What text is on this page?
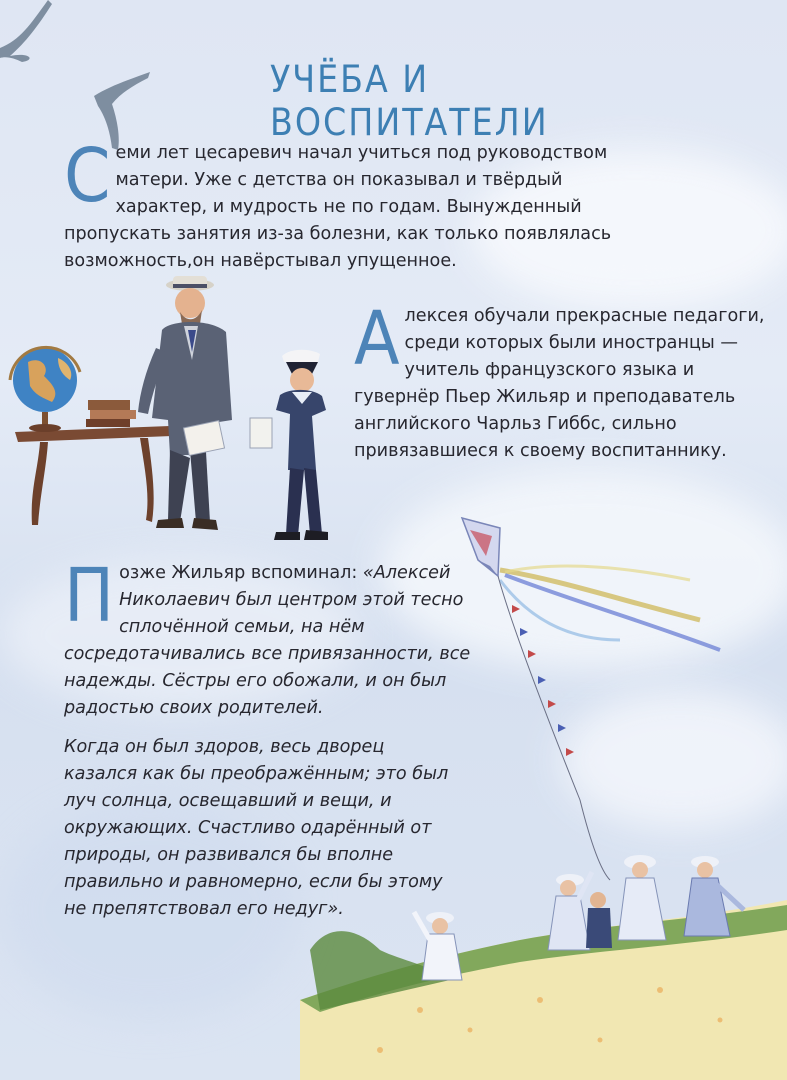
УЧЁБА И ВОСПИТАТЕЛИ

Семи лет цесаревич начал учиться под руководством матери. Уже с детства он показывал и твёрдый характер, и мудрость не по годам. Вынужденный пропускать занятия из-за болезни, как только появлялась возможность,он навёрстывал упущенное.

Алексея обучали прекрасные педагоги, среди которых были иностранцы — учитель французского языка и гувернёр Пьер Жильяр и преподаватель английского Чарльз Гиббс, сильно привязавшиеся к своему воспитаннику.

Позже Жильяр вспоминал: «Алексей Николаевич был центром этой тесно сплочённой семьи, на нём сосредотачивались все привязанности, все надежды. Сёстры его обожали, и он был радостью своих родителей.

Когда он был здоров, весь дворец казался как бы преображённым; это был луч солнца, освещавший и вещи, и окружающих. Счастливо одарённый от природы, он развивался бы вполне правильно и равномерно, если бы этому не препятствовал его недуг».
